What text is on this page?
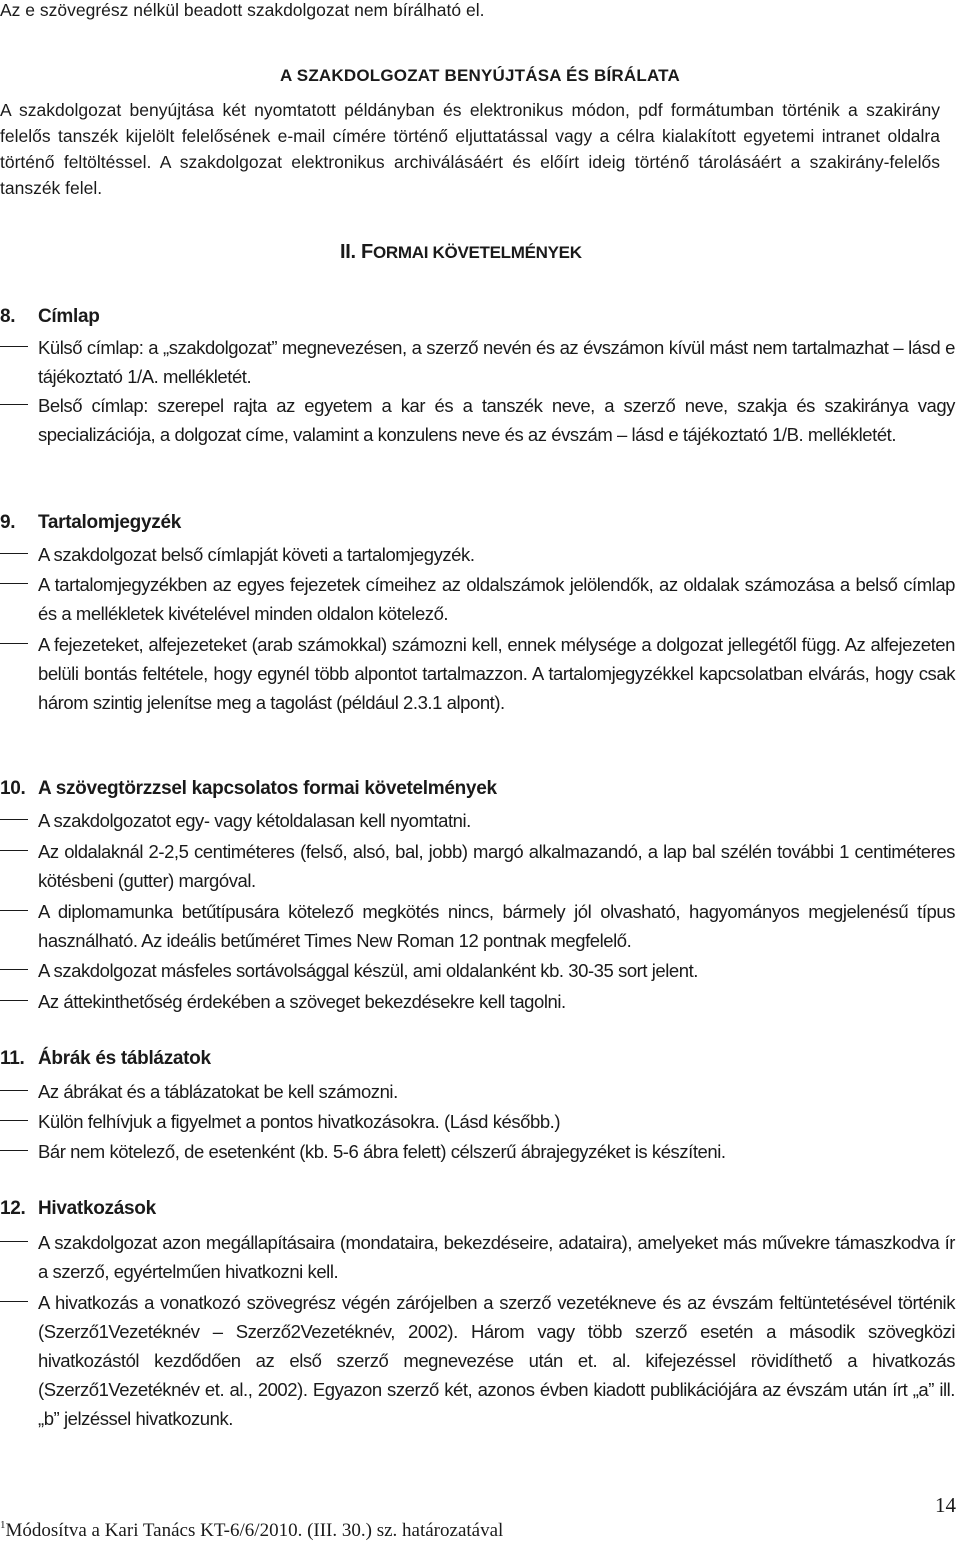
Az e szövegrész nélkül beadott szakdolgozat nem bírálható el.
A SZAKDOLGOZAT BENYÚJTÁSA ÉS BÍRÁLATA
A szakdolgozat benyújtása két nyomtatott példányban és elektronikus módon, pdf formátumban történik a szakirány felelős tanszék kijelölt felelősének e-mail címére történő eljuttatással vagy a célra kialakított egyetemi intranet oldalra történő feltöltéssel. A szakdolgozat elektronikus archiválásáért és előírt ideig történő tárolásáért a szakirány-felelős tanszék felel.
II. FORMAI KÖVETELMÉNYEK
8. Címlap
Külső címlap: a „szakdolgozat” megnevezésen, a szerző nevén és az évszámon kívül mást nem tartalmazhat – lásd e tájékoztató 1/A. mellékletét.
Belső címlap: szerepel rajta az egyetem a kar és a tanszék neve, a szerző neve, szakja és szakiránya vagy specializációja, a dolgozat címe, valamint a konzulens neve és az évszám – lásd e tájékoztató 1/B. mellékletét.
9. Tartalomjegyzék
A szakdolgozat belső címlapját követi a tartalomjegyzék.
A tartalomjegyzékben az egyes fejezetek címeihez az oldalszámok jelölendők, az oldalak számozása a belső címlap és a mellékletek kivételével minden oldalon kötelező.
A fejezeteket, alfejezeteket (arab számokkal) számozni kell, ennek mélysége a dolgozat jellegétől függ. Az alfejezeten belüli bontás feltétele, hogy egynél több alpontot tartalmazzon. A tartalomjegyzékkel kapcsolatban elvárás, hogy csak három szintig jelenítse meg a tagolást (például 2.3.1 alpont).
10. A szövegtörzzsel kapcsolatos formai követelmények
A szakdolgozatot egy- vagy kétoldalasan kell nyomtatni.
Az oldalaknál 2-2,5 centiméteres (felső, alsó, bal, jobb) margó alkalmazandó, a lap bal szélén további 1 centiméteres kötésbeni (gutter) margóval.
A diplomamunka betűtípusára kötelező megkötés nincs, bármely jól olvasható, hagyományos megjelenésű típus használható. Az ideális betűméret Times New Roman 12 pontnak megfelelő.
A szakdolgozat másfeles sortávolsággal készül, ami oldalanként kb. 30-35 sort jelent.
Az áttekinthetőség érdekében a szöveget bekezdésekre kell tagolni.
11. Ábrák és táblázatok
Az ábrákat és a táblázatokat be kell számozni.
Külön felhívjuk a figyelmet a pontos hivatkozásokra. (Lásd később.)
Bár nem kötelező, de esetenként (kb. 5-6 ábra felett) célszerű ábrajegyzéket is készíteni.
12. Hivatkozások
A szakdolgozat azon megállapításaira (mondataira, bekezdéseire, adataira), amelyeket más művekre támaszkodva ír a szerző, egyértelműen hivatkozni kell.
A hivatkozás a vonatkozó szövegrész végén zárójelben a szerző vezetékneve és az évszám feltüntetésével történik (Szerző1Vezetéknév – Szerző2Vezetéknév, 2002). Három vagy több szerző esetén a második szövegközi hivatkozástól kezdődően az első szerző megnevezése után et. al. kifejezéssel rövidíthető a hivatkozás (Szerző1Vezetéknév et. al., 2002). Egyazon szerző két, azonos évben kiadott publikációjára az évszám után írt „a” ill. „b” jelzéssel hivatkozunk.
14
$^1$Módosítva a Kari Tanács KT-6/6/2010. (III. 30.) sz. határozatával
